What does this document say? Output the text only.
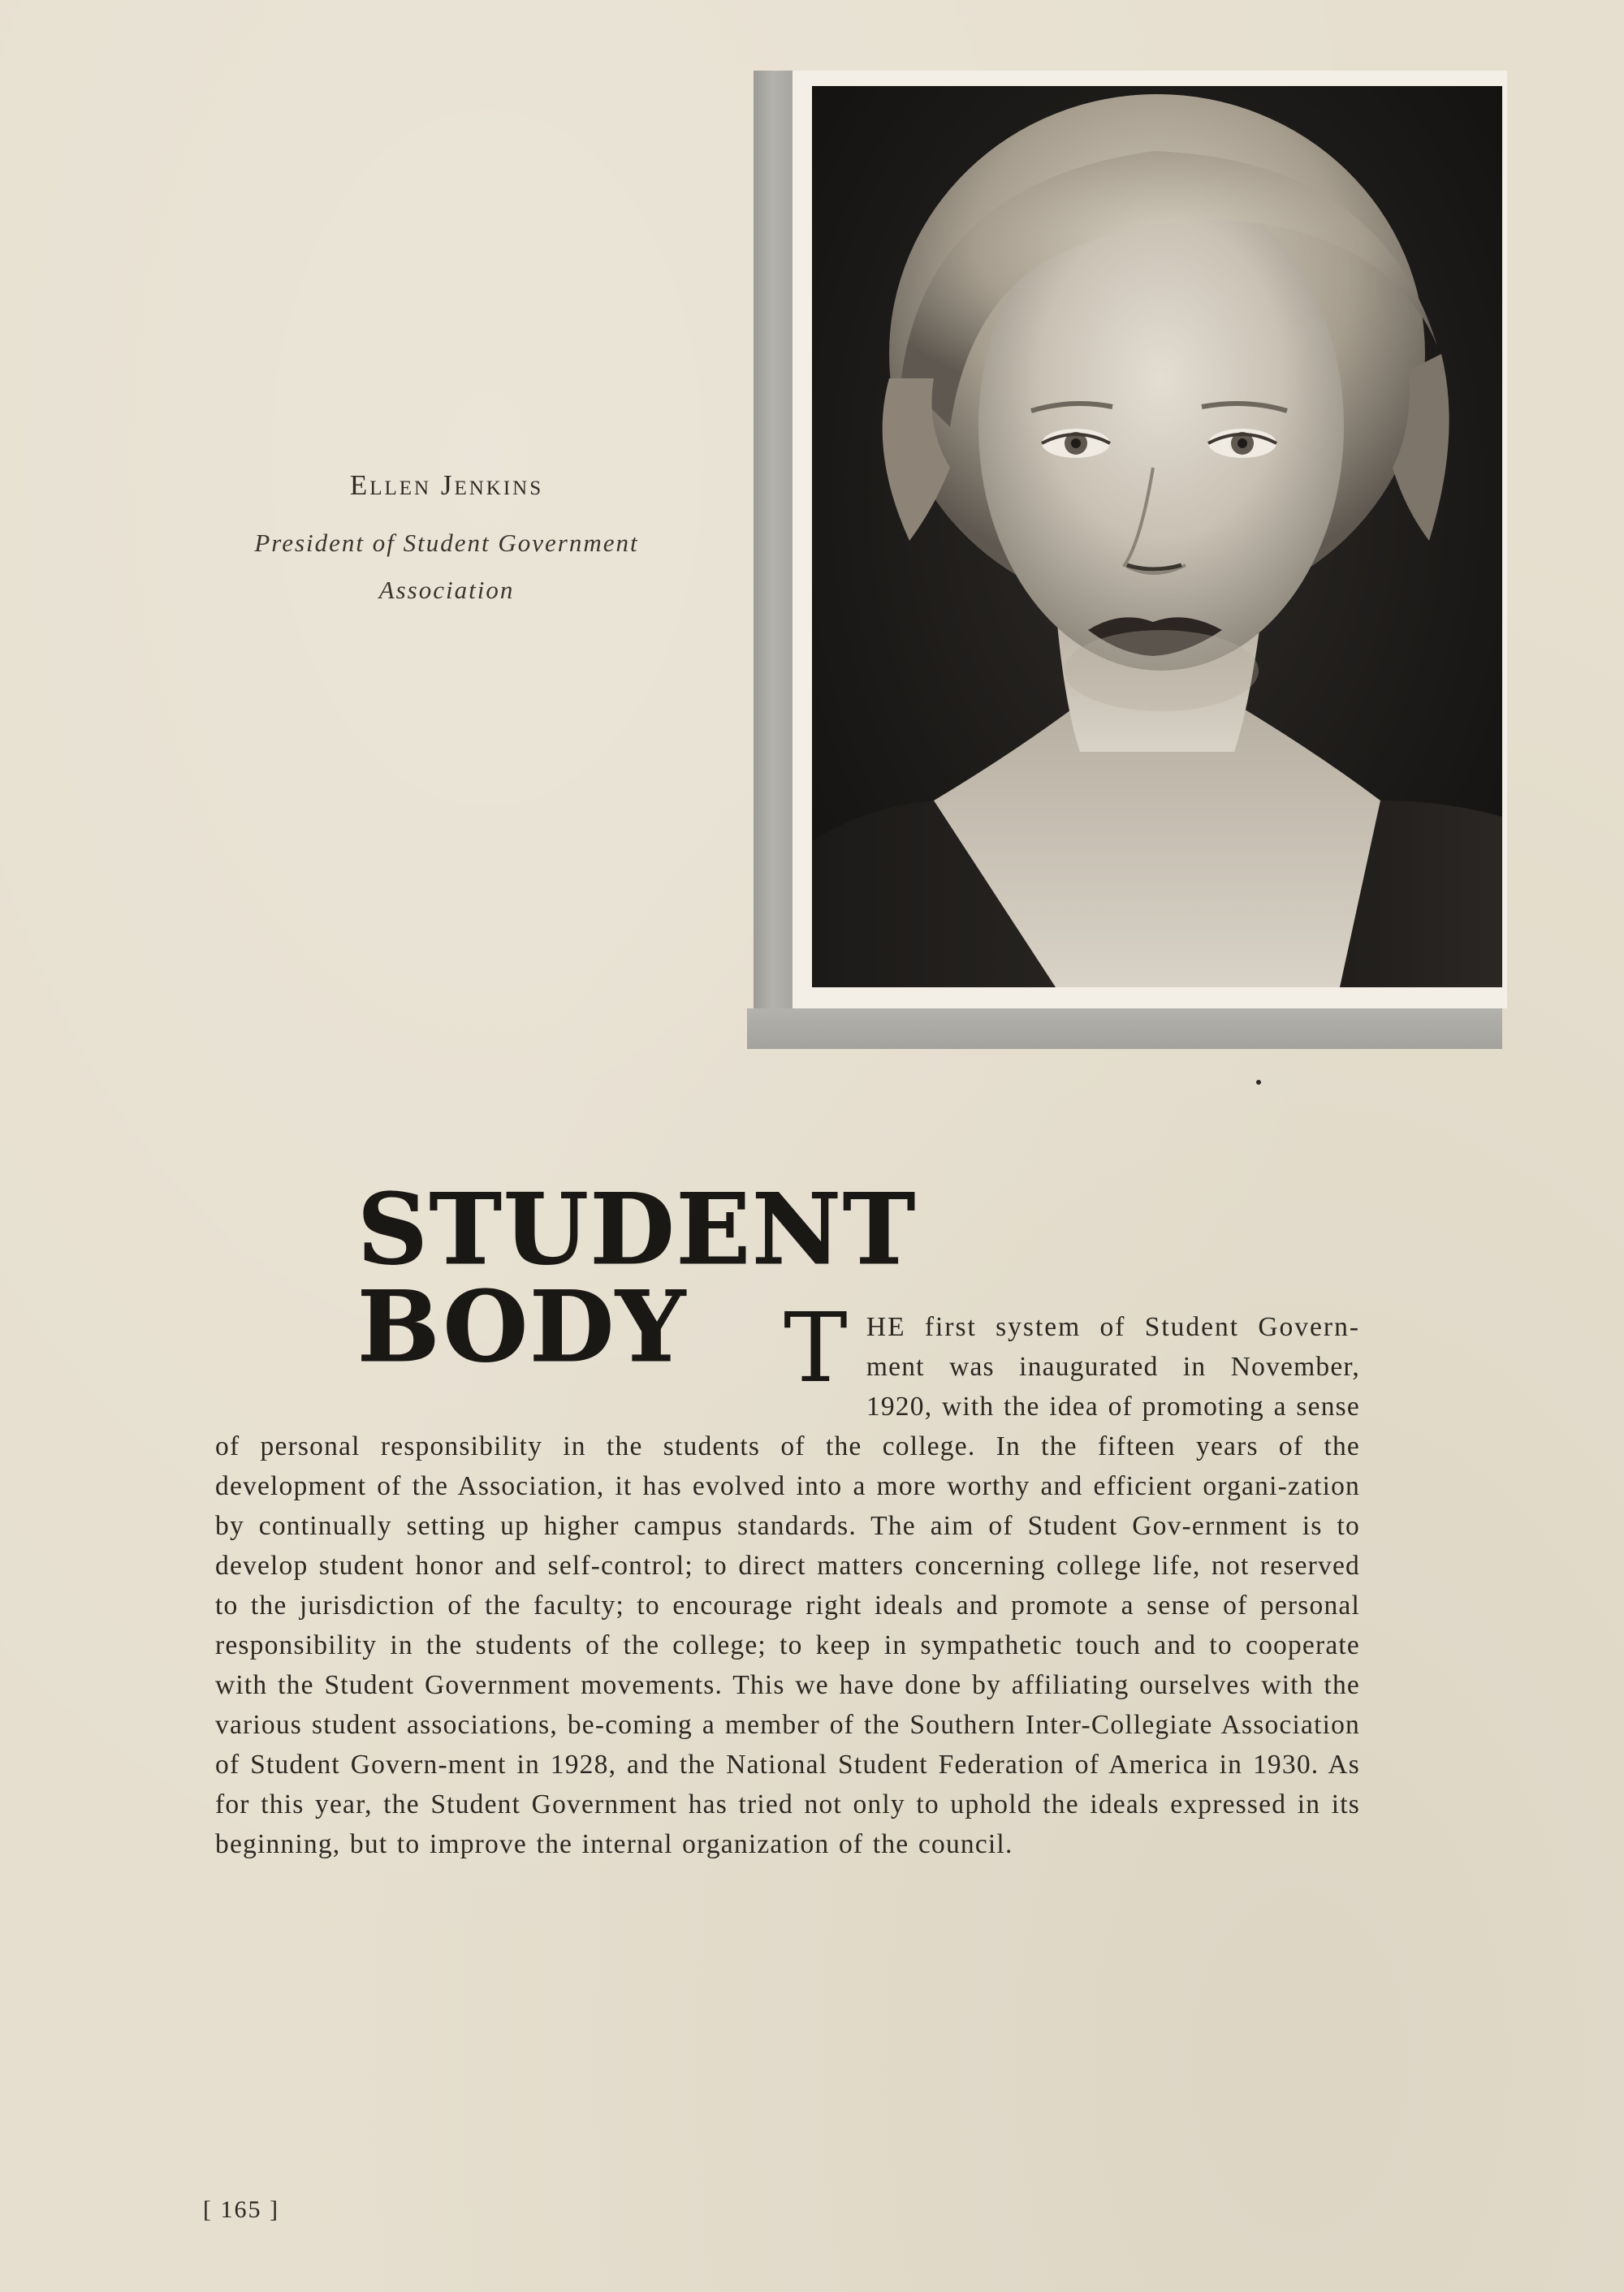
Ellen Jenkins
President of Student Government
Association
STUDENT BODY	T HE first system of Student Govern- ment was inaugurated in November, 1920, with the idea of promoting a sense of personal responsibility in the students of the college. In the fifteen years of the development of the Association, it has evolved into a more worthy and efficient organi-zation by continually setting up higher campus standards. The aim of Student Gov-ernment is to develop student honor and self-control; to direct matters concerning college life, not reserved to the jurisdiction of the faculty; to encourage right ideals and promote a sense of personal responsibility in the students of the college; to keep in sympathetic touch and to cooperate with the Student Government movements. This we have done by affiliating ourselves with the various student associations, be-coming a member of the Southern Inter-Collegiate Association of Student Govern-ment in 1928, and the National Student Federation of America in 1930. As for this year, the Student Government has tried not only to uphold the ideals expressed in its beginning, but to improve the internal organization of the council.
[ 165 ]
